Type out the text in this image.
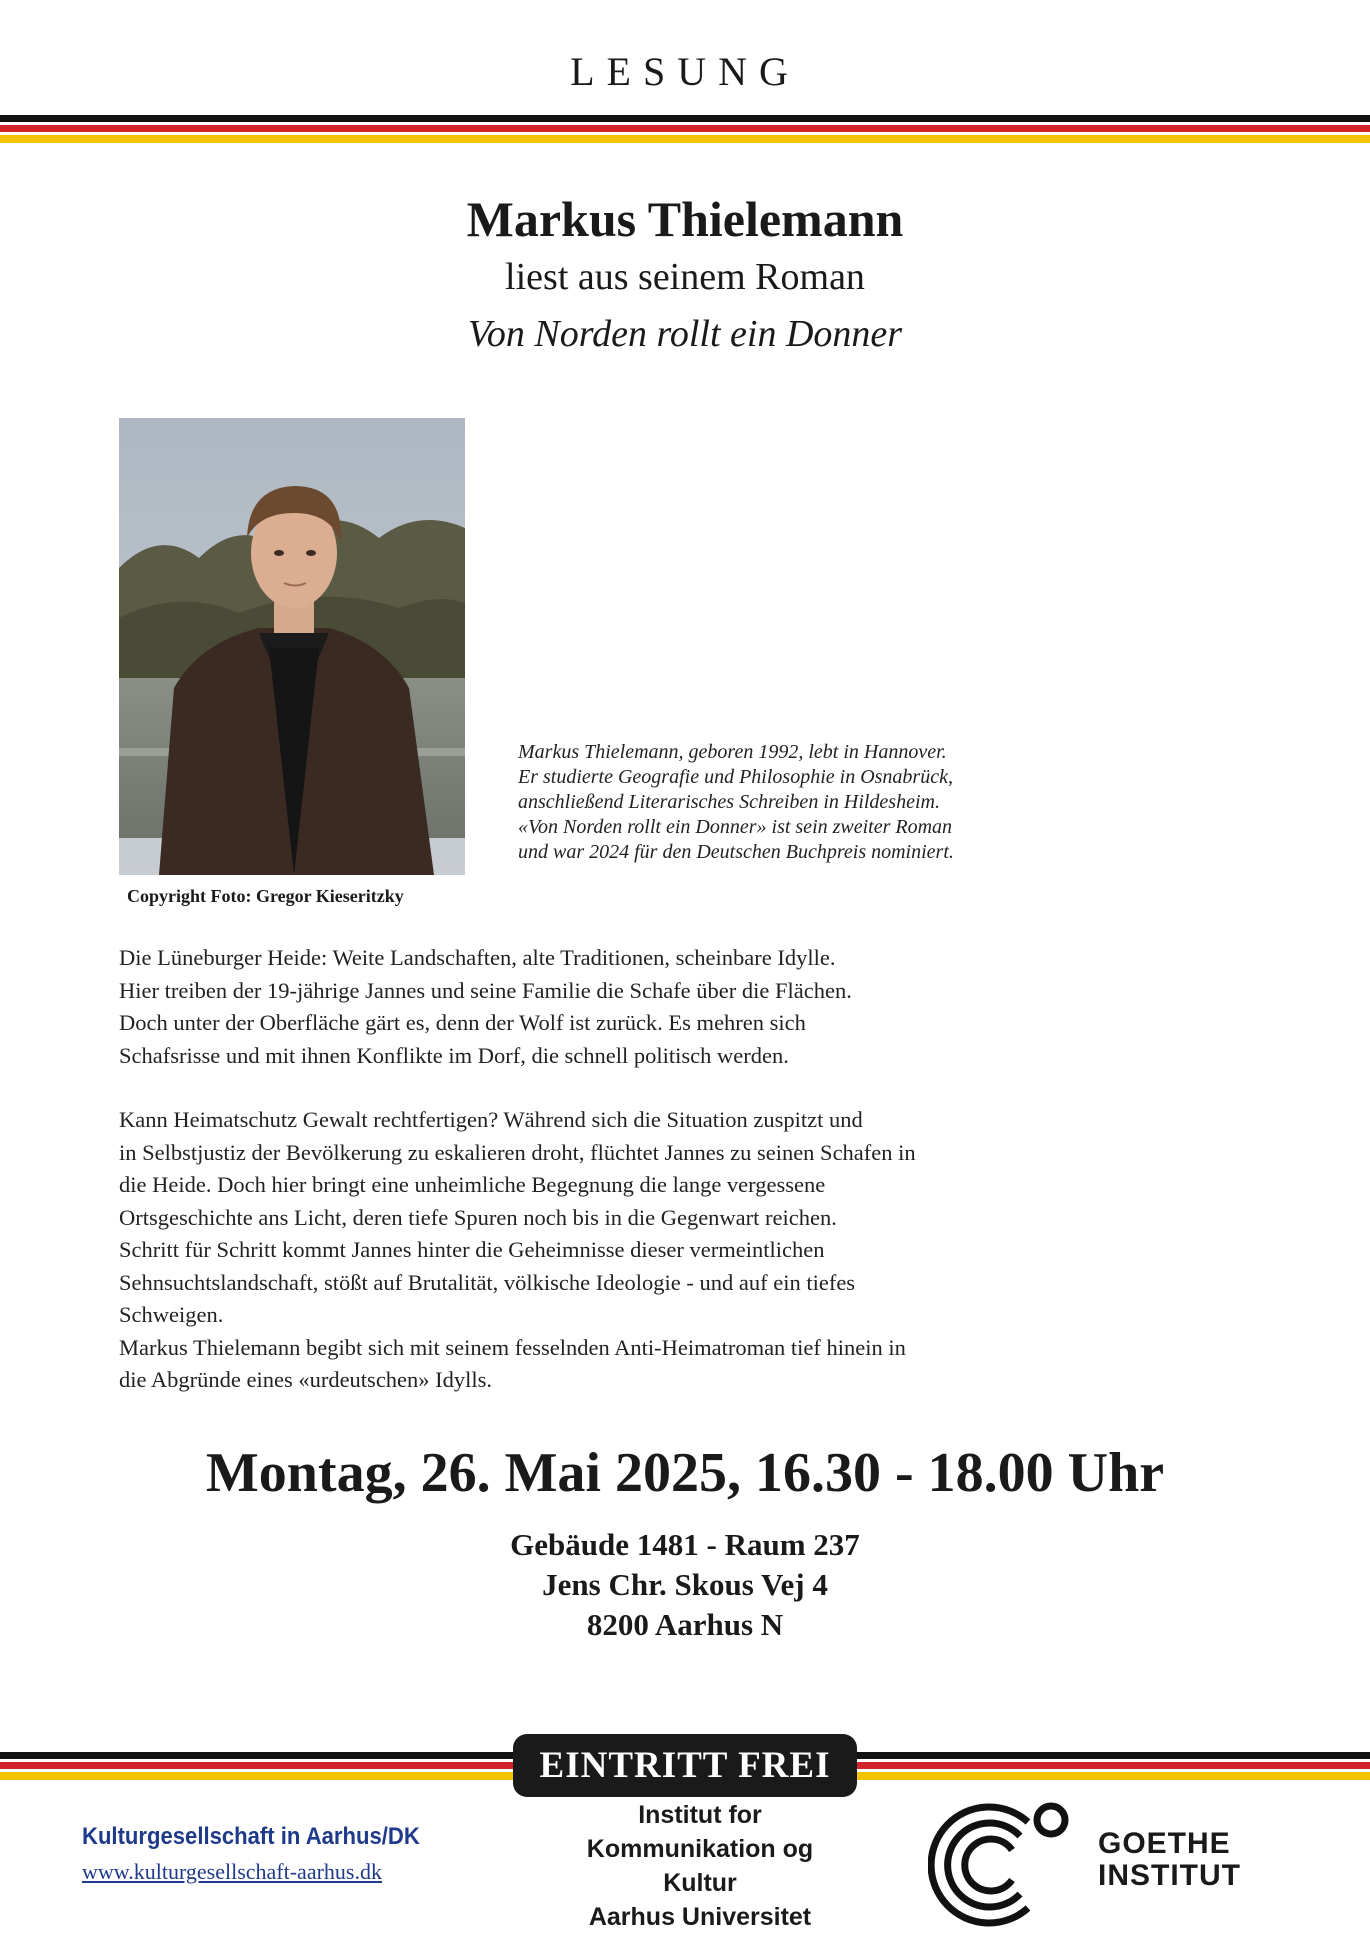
LESUNG
Markus Thielemann
liest aus seinem Roman
Von Norden rollt ein Donner
Copyright Foto: Gregor Kieseritzky

Markus Thielemann, geboren 1992, lebt in Hannover.

Er studierte Geografie und Philosophie in Osnabrück,

anschließend Literarisches Schreiben in Hildesheim.

«Von Norden rollt ein Donner» ist sein zweiter Roman

und war 2024 für den Deutschen Buchpreis nominiert.

Die Lüneburger Heide: Weite Landschaften, alte Traditionen, scheinbare Idylle.

Hier treiben der 19-jährige Jannes und seine Familie die Schafe über die Flächen.

Doch unter der Oberfläche gärt es, denn der Wolf ist zurück. Es mehren sich

Schafsrisse und mit ihnen Konflikte im Dorf, die schnell politisch werden.

Kann Heimatschutz Gewalt rechtfertigen? Während sich die Situation zuspitzt und

in Selbstjustiz der Bevölkerung zu eskalieren droht, flüchtet Jannes zu seinen Schafen in

die Heide. Doch hier bringt eine unheimliche Begegnung die lange vergessene

Ortsgeschichte ans Licht, deren tiefe Spuren noch bis in die Gegenwart reichen.

Schritt für Schritt kommt Jannes hinter die Geheimnisse dieser vermeintlichen

Sehnsuchtslandschaft, stößt auf Brutalität, völkische Ideologie - und auf ein tiefes

Schweigen.

Markus Thielemann begibt sich mit seinem fesselnden Anti-Heimatroman tief hinein in

die Abgründe eines «urdeutschen» Idylls.

Montag, 26. Mai 2025, 16.30 - 18.00 Uhr

Gebäude 1481 - Raum 237

Jens Chr. Skous Vej 4

8200 Aarhus N

EINTRITT FREI
Kulturgesellschaft in Aarhus/DK
www.kulturgesellschaft-aarhus.dk

Institut for

Kommunikation og

Kultur

Aarhus Universitet

GOETHE

INSTITUT
